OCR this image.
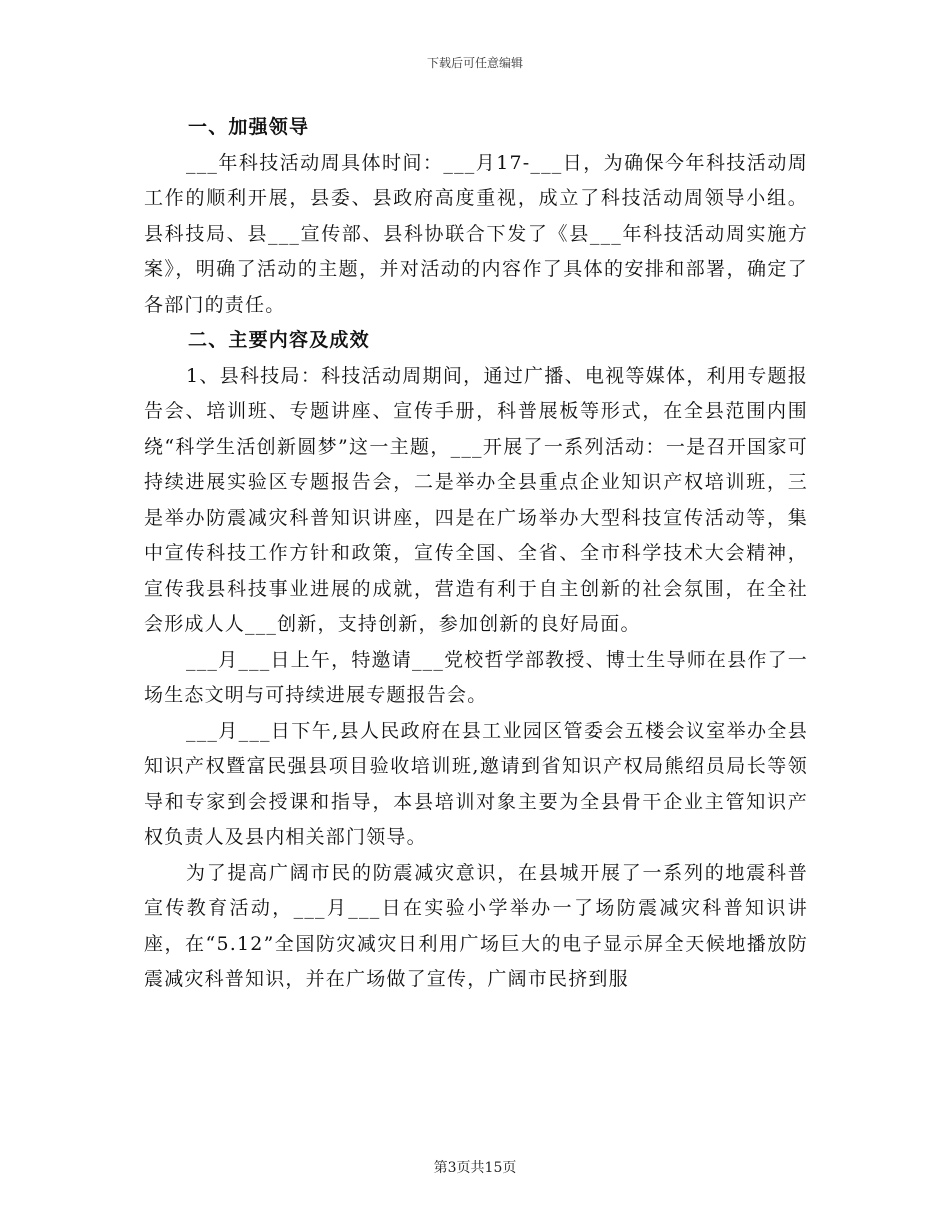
下载后可任意编辑
一、加强领导

___年科技活动周具体时间：___月17-___日，为确保今年科技活动周工作的顺利开展，县委、县政府高度重视，成立了科技活动周领导小组。县科技局、县___宣传部、县科协联合下发了《县___年科技活动周实施方案》，明确了活动的主题，并对活动的内容作了具体的安排和部署，确定了各部门的责任。

二、主要内容及成效

1、县科技局：科技活动周期间，通过广播、电视等媒体，利用专题报告会、培训班、专题讲座、宣传手册，科普展板等形式，在全县范围内围绕“科学生活创新圆梦”这一主题，___开展了一系列活动：一是召开国家可持续进展实验区专题报告会，二是举办全县重点企业知识产权培训班，三是举办防震减灾科普知识讲座，四是在广场举办大型科技宣传活动等，集中宣传科技工作方针和政策，宣传全国、全省、全市科学技术大会精神，宣传我县科技事业进展的成就，营造有利于自主创新的社会氛围，在全社会形成人人___创新，支持创新，参加创新的良好局面。

___月___日上午，特邀请___党校哲学部教授、博士生导师在县作了一场生态文明与可持续进展专题报告会。

___月___日下午,县人民政府在县工业园区管委会五楼会议室举办全县知识产权暨富民强县项目验收培训班,邀请到省知识产权局熊绍员局长等领导和专家到会授课和指导，本县培训对象主要为全县骨干企业主管知识产权负责人及县内相关部门领导。

为了提高广阔市民的防震减灾意识，在县城开展了一系列的地震科普宣传教育活动，___月___日在实验小学举办一了场防震减灾科普知识讲座，在“5.12”全国防灾减灾日利用广场巨大的电子显示屏全天候地播放防震减灾科普知识，并在广场做了宣传，广阔市民挤到服

第3页共15页
